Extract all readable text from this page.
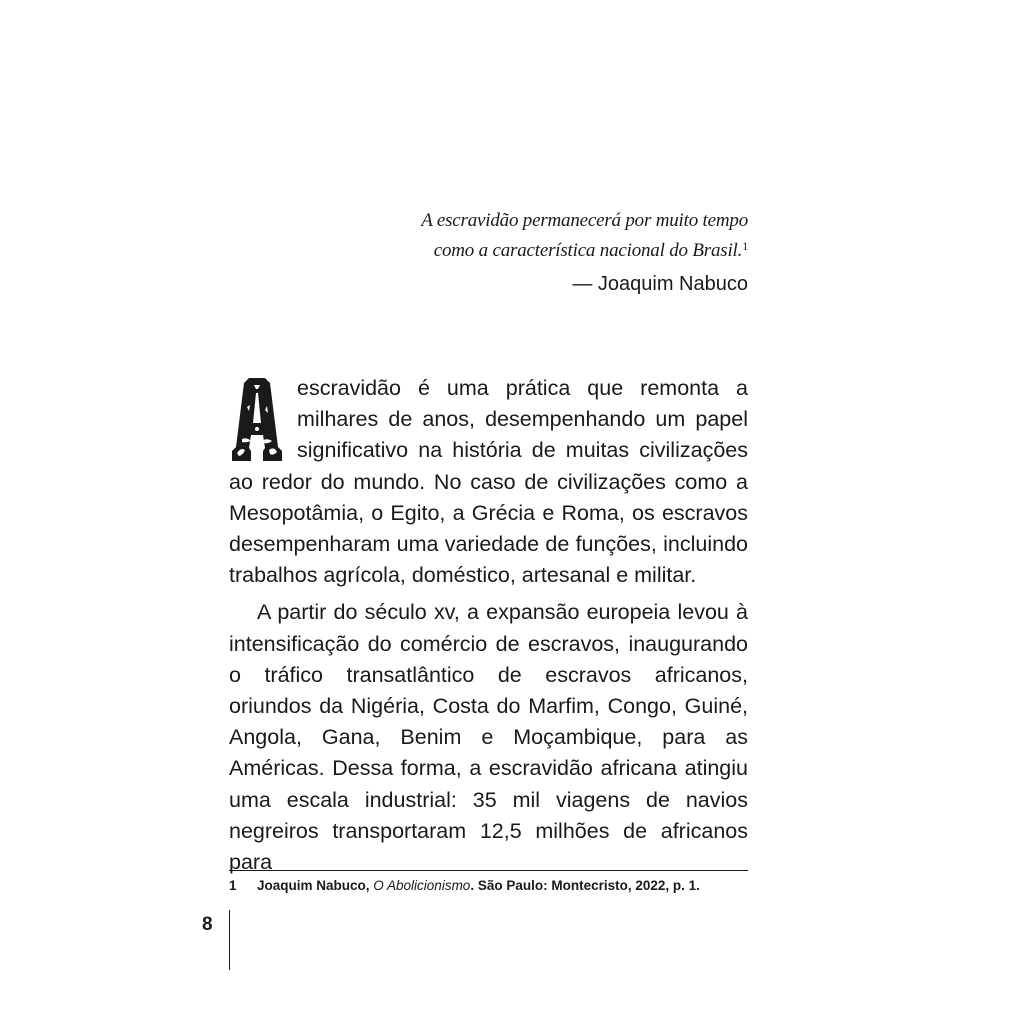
A escravidão permanecerá por muito tempo
como a característica nacional do Brasil.$^1$
— Joaquim Nabuco

escravidão é uma prática que remonta a milhares de anos, desempenhando um papel significativo na história de muitas civilizações ao redor do mundo. No caso de civilizações como a Mesopotâmia, o Egito, a Grécia e Roma, os escravos desempenharam uma variedade de funções, incluindo trabalhos agrícola, doméstico, artesanal e militar.

A partir do século xv, a expansão europeia levou à intensificação do comércio de escravos, inaugurando o tráfico transatlântico de escravos africanos, oriundos da Nigéria, Costa do Marfim, Congo, Guiné, Angola, Gana, Benim e Moçambique, para as Américas. Dessa forma, a escravidão africana atingiu uma escala industrial: 35 mil viagens de navios negreiros transportaram 12,5 milhões de africanos para

1 Joaquim Nabuco, O Abolicionismo. São Paulo: Montecristo, 2022, p. 1.
8
